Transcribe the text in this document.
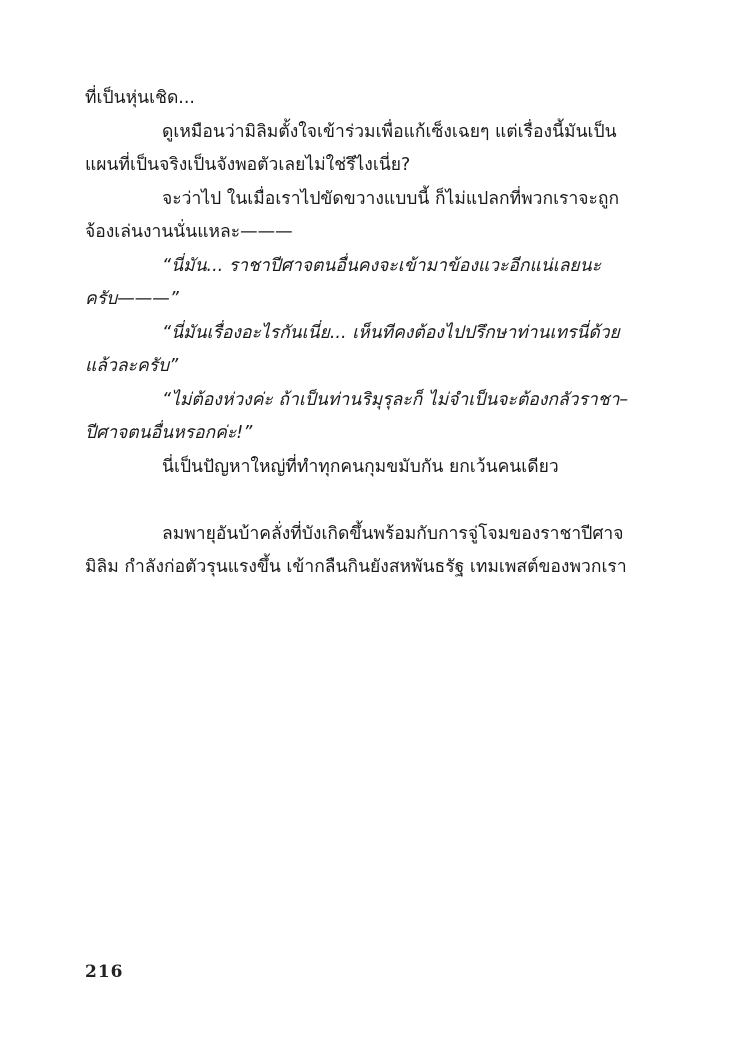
ที่เป็นหุ่นเชิด...
ดูเหมือนว่ามิลิมตั้งใจเข้าร่วมเพื่อแก้เซ็งเฉยๆ แต่เรื่องนี้มันเป็น
แผนที่เป็นจริงเป็นจังพอตัวเลยไม่ใช่รึไงเนี่ย?
จะว่าไป ในเมื่อเราไปขัดขวางแบบนี้ ก็ไม่แปลกที่พวกเราจะถูก
จ้องเล่นงานนั่นแหละ———
“นี่มัน... ราชาปีศาจตนอื่นคงจะเข้ามาข้องแวะอีกแน่เลยนะ
ครับ———”
“นี่มันเรื่องอะไรกันเนี่ย... เห็นทีคงต้องไปปรึกษาท่านเทรนี่ด้วย
แล้วละครับ”
“ไม่ต้องห่วงค่ะ ถ้าเป็นท่านริมุรุละก็ ไม่จำเป็นจะต้องกลัวราชา–
ปีศาจตนอื่นหรอกค่ะ!”
นี่เป็นปัญหาใหญ่ที่ทำทุกคนกุมขมับกัน ยกเว้นคนเดียว
ลมพายุอันบ้าคลั่งที่บังเกิดขึ้นพร้อมกับการจู่โจมของราชาปีศาจ
มิลิม กำลังก่อตัวรุนแรงขึ้น เข้ากลืนกินยังสหพันธรัฐ เทมเพสต์ของพวกเรา
216
